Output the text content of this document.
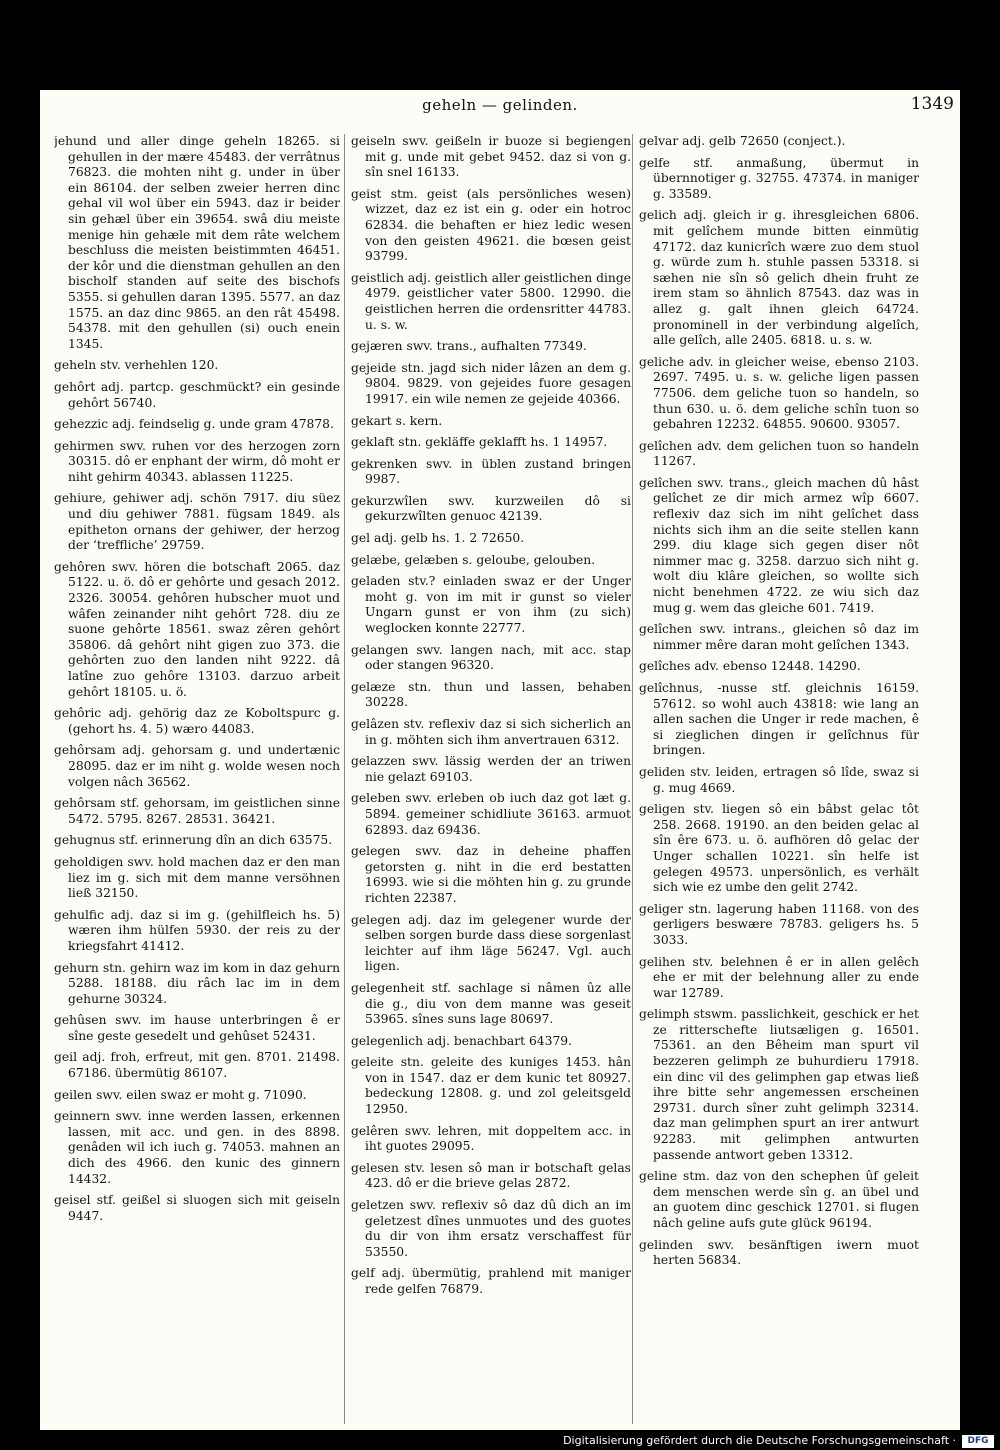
geheln — gelinden.	1349
jehund und aller dinge geheln 18265. si gehullen in der mære 45483. der verrâtnus 76823. die mohten niht g. under in über ein 86104. der selben zweier herren dinc gehal vil wol über ein 5943. daz ir beider sin gehæl über ein 39654. swâ diu meiste menige hin gehæle mit dem râte welchem beschluss die meisten beistimmten 46451. der kôr und die dienstman gehullen an den bischolf standen auf seite des bischofs 5355. si gehullen daran 1395. 5577. an daz 1575. an daz dinc 9865. an den rât 45498. 54378. mit den gehullen (si) ouch enein 1345.
geheln stv. verhehlen 120.
gehôrt adj. partcp. geschmückt? ein gesinde gehôrt 56740.
gehezzic adj. feindselig g. unde gram 47878.
gehirmen swv. ruhen vor des herzogen zorn 30315. dô er enphant der wirm, dô moht er niht gehirm 40343. ablassen 11225.
gehiure, gehiwer adj. schön 7917. diu süez und diu gehiwer 7881. fügsam 1849. als epitheton ornans der gehiwer, der herzog der ‘treffliche’ 29759.
gehôren swv. hören die botschaft 2065. daz 5122. u. ö. dô er gehôrte und gesach 2012. 2326. 30054. gehôren hubscher muot und wâfen zeinander niht gehôrt 728. diu ze suone gehôrte 18561. swaz zêren gehôrt 35806. dâ gehôrt niht gigen zuo 373. die gehôrten zuo den landen niht 9222. dâ latîne zuo gehôre 13103. darzuo arbeit gehôrt 18105. u. ö.
gehôric adj. gehörig daz ze Koboltspurc g. (gehort hs. 4. 5) wæro 44083.
gehôrsam adj. gehorsam g. und undertænic 28095. daz er im niht g. wolde wesen noch volgen nâch 36562.
gehôrsam stf. gehorsam, im geistlichen sinne 5472. 5795. 8267. 28531. 36421.
gehugnus stf. erinnerung dîn an dich 63575.
geholdigen swv. hold machen daz er den man liez im g. sich mit dem manne versöhnen ließ 32150.
gehulfic adj. daz si im g. (gehilfleich hs. 5) wæren ihm hülfen 5930. der reis zu der kriegsfahrt 41412.
gehurn stn. gehirn waz im kom in daz gehurn 5288. 18188. diu râch lac im in dem gehurne 30324.
gehûsen swv. im hause unterbringen ê er sîne geste gesedelt und gehûset 52431.
geil adj. froh, erfreut, mit gen. 8701. 21498. 67186. übermütig 86107.
geilen swv. eilen swaz er moht g. 71090.
geinnern swv. inne werden lassen, erkennen lassen, mit acc. und gen. in des 8898. genâden wil ich iuch g. 74053. mahnen an dich des 4966. den kunic des ginnern 14432.
geisel stf. geißel si sluogen sich mit geiseln 9447.
geiseln swv. geißeln ir buoze si begiengen mit g. unde mit gebet 9452. daz si von g. sîn snel 16133.
geist stm. geist (als persönliches wesen) wizzet, daz ez ist ein g. oder ein hotroc 62834. die behaften er hiez ledic wesen von den geisten 49621. die bœsen geist 93799.
geistlich adj. geistlich aller geistlichen dinge 4979. geistlicher vater 5800. 12990. die geistlichen herren die ordensritter 44783. u. s. w.
gejæren swv. trans., aufhalten 77349.
gejeide stn. jagd sich nider lâzen an dem g. 9804. 9829. von gejeides fuore gesagen 19917. ein wile nemen ze gejeide 40366.
gekart s. kern.
geklaft stn. gekläffe geklafft hs. 1 14957.
gekrenken swv. in üblen zustand bringen 9987.
gekurzwîlen swv. kurzweilen dô si gekurzwîlten genuoc 42139.
gel adj. gelb hs. 1. 2 72650.
gelæbe, gelæben s. geloube, gelouben.
geladen stv.? einladen swaz er der Unger moht g. von im mit ir gunst so vieler Ungarn gunst er von ihm (zu sich) weglocken konnte 22777.
gelangen swv. langen nach, mit acc. stap oder stangen 96320.
gelæze stn. thun und lassen, behaben 30228.
gelâzen stv. reflexiv daz si sich sicherlich an in g. möhten sich ihm anvertrauen 6312.
gelazzen swv. lässig werden der an triwen nie gelazt 69103.
geleben swv. erleben ob iuch daz got læt g. 5894. gemeiner schidliute 36163. armuot 62893. daz 69436.
gelegen swv. daz in deheine phaffen getorsten g. niht in die erd bestatten 16993. wie si die möhten hin g. zu grunde richten 22387.
gelegen adj. daz im gelegener wurde der selben sorgen burde dass diese sorgenlast leichter auf ihm läge 56247. Vgl. auch ligen.
gelegenheit stf. sachlage si nâmen ûz alle die g., diu von dem manne was geseit 53965. sînes suns lage 80697.
gelegenlich adj. benachbart 64379.
geleite stn. geleite des kuniges 1453. hân von in 1547. daz er dem kunic tet 80927. bedeckung 12808. g. und zol geleitsgeld 12950.
gelêren swv. lehren, mit doppeltem acc. in iht guotes 29095.
gelesen stv. lesen sô man ir botschaft gelas 423. dô er die brieve gelas 2872.
geletzen swv. reflexiv sô daz dû dich an im geletzest dînes unmuotes und des guotes du dir von ihm ersatz verschaffest für 53550.
gelf adj. übermütig, prahlend mit maniger rede gelfen 76879.
gelvar adj. gelb 72650 (conject.).
gelfe stf. anmaßung, übermut in übernnotiger g. 32755. 47374. in maniger g. 33589.
gelich adj. gleich ir g. ihresgleichen 6806. mit gelîchem munde bitten einmütig 47172. daz kunicrîch wære zuo dem stuol g. würde zum h. stuhle passen 53318. si sæhen nie sîn sô gelich dhein fruht ze irem stam so ähnlich 87543. daz was in allez g. galt ihnen gleich 64724. pronominell in der verbindung algelîch, alle gelîch, alle 2405. 6818. u. s. w.
geliche adv. in gleicher weise, ebenso 2103. 2697. 7495. u. s. w. geliche ligen passen 77506. dem geliche tuon so handeln, so thun 630. u. ö. dem geliche schîn tuon so gebahren 12232. 64855. 90600. 93057.
gelîchen adv. dem gelichen tuon so handeln 11267.
gelîchen swv. trans., gleich machen dû hâst gelîchet ze dir mich armez wîp 6607. reflexiv daz sich im niht gelîchet dass nichts sich ihm an die seite stellen kann 299. diu klage sich gegen diser nôt nimmer mac g. 3258. darzuo sich niht g. wolt diu klâre gleichen, so wollte sich nicht benehmen 4722. ze wiu sich daz mug g. wem das gleiche 601. 7419.
gelîchen swv. intrans., gleichen sô daz im nimmer mêre daran moht gelîchen 1343.
gelîches adv. ebenso 12448. 14290.
gelîchnus, -nusse stf. gleichnis 16159. 57612. so wohl auch 43818: wie lang an allen sachen die Unger ir rede machen, ê si zieglichen dingen ir gelîchnus für bringen.
geliden stv. leiden, ertragen sô lîde, swaz si g. mug 4669.
geligen stv. liegen sô ein bâbst gelac tôt 258. 2668. 19190. an den beiden gelac al sîn êre 673. u. ö. aufhören dô gelac der Unger schallen 10221. sîn helfe ist gelegen 49573. unpersönlich, es verhält sich wie ez umbe den gelit 2742.
geliger stn. lagerung haben 11168. von des gerligers beswære 78783. geligers hs. 5 3033.
gelihen stv. belehnen ê er in allen gelêch ehe er mit der belehnung aller zu ende war 12789.
gelimph stswm. passlichkeit, geschick er het ze ritterschefte liutsæligen g. 16501. 75361. an den Bêheim man spurt vil bezzeren gelimph ze buhurdieru 17918. ein dinc vil des gelimphen gap etwas ließ ihre bitte sehr angemessen erscheinen 29731. durch sîner zuht gelimph 32314. daz man gelimphen spurt an irer antwurt 92283. mit gelimphen antwurten passende antwort geben 13312.
geline stm. daz von den schephen ûf geleit dem menschen werde sîn g. an übel und an guotem dinc geschick 12701. si flugen nâch geline aufs gute glück 96194.
gelinden swv. besänftigen iwern muot herten 56834.
Digitalisierung gefördert durch die Deutsche Forschungsgemeinschaft ·	DFG
